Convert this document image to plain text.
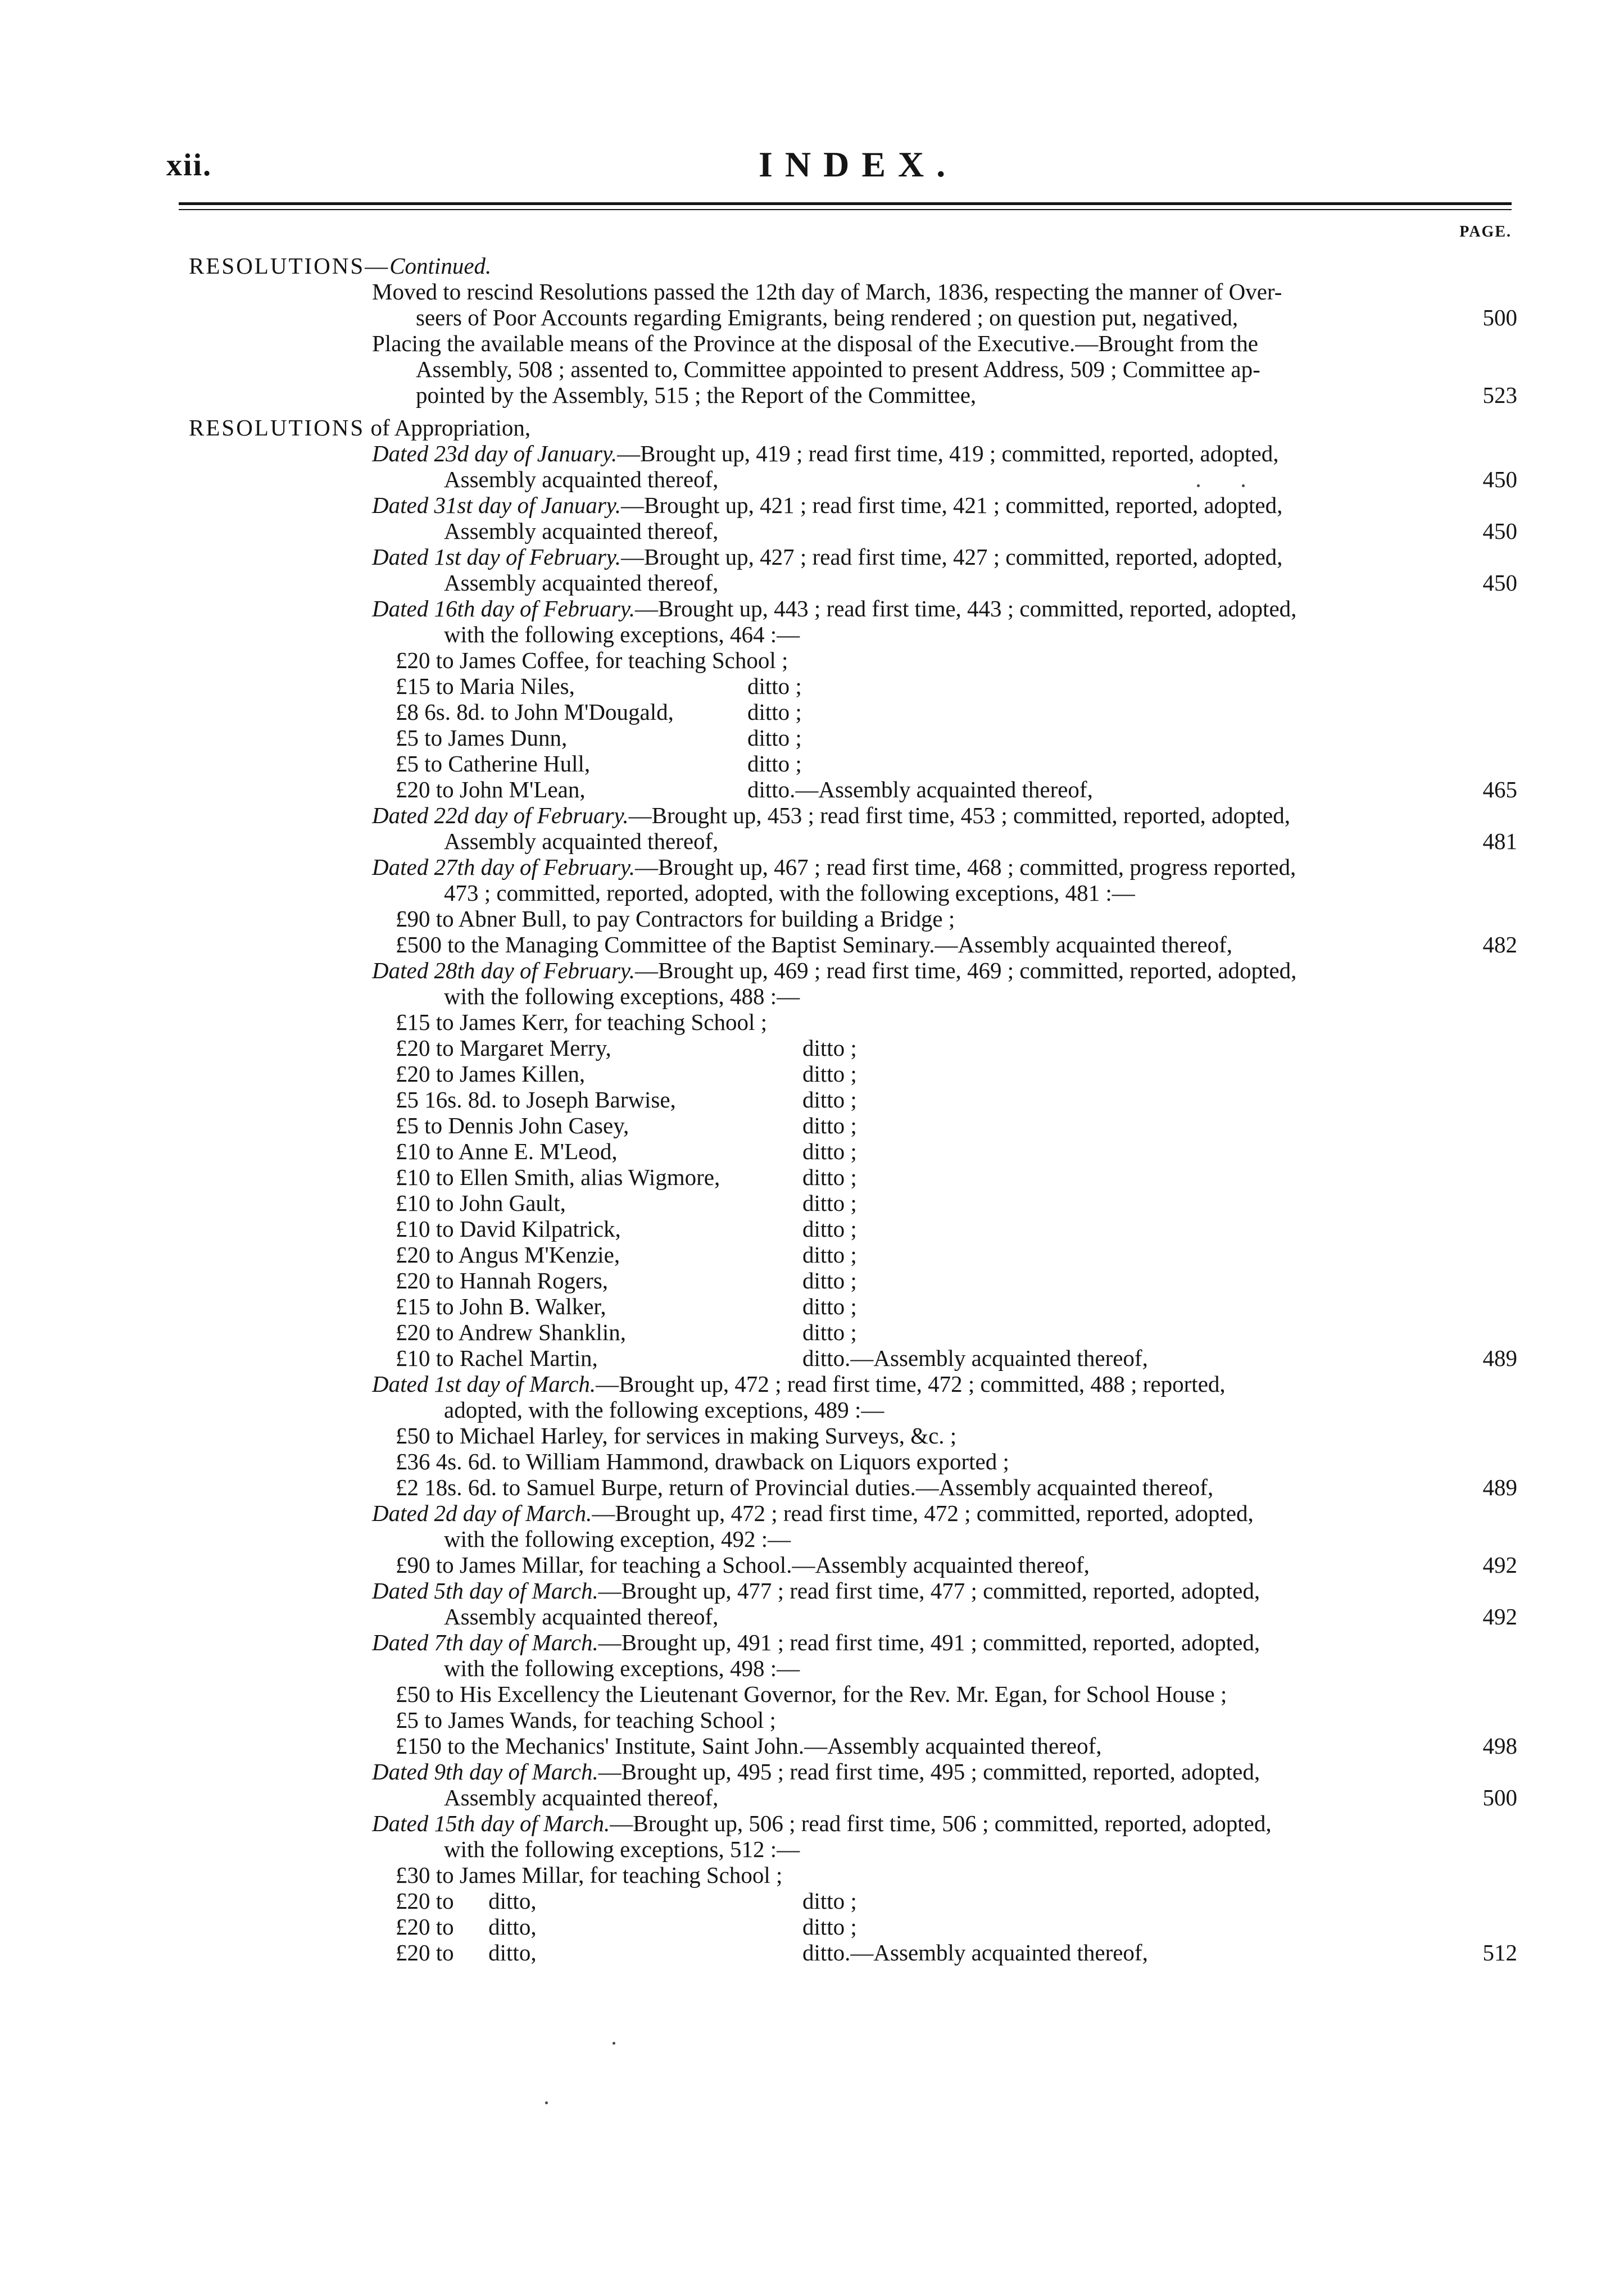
xii.	INDEX.
PAGE.
RESOLUTIONS—Continued.
Moved to rescind Resolutions passed the 12th day of March, 1836, respecting the manner of Over-
seers of Poor Accounts regarding Emigrants, being rendered ; on question put, negatived,	500
Placing the available means of the Province at the disposal of the Executive.—Brought from the
Assembly, 508 ; assented to, Committee appointed to present Address, 509 ; Committee ap-
pointed by the Assembly, 515 ; the Report of the Committee,	523
RESOLUTIONS of Appropriation,
Dated 23d day of January.—Brought up, 419 ; read first time, 419 ; committed, reported, adopted,
Assembly acquainted thereof,	450
Dated 31st day of January.—Brought up, 421 ; read first time, 421 ; committed, reported, adopted,
Assembly acquainted thereof,	450
Dated 1st day of February.—Brought up, 427 ; read first time, 427 ; committed, reported, adopted,
Assembly acquainted thereof,	450
Dated 16th day of February.—Brought up, 443 ; read first time, 443 ; committed, reported, adopted,
with the following exceptions, 464 :—
£20 to James Coffee, for teaching School ;
£15 to Maria Niles,	ditto ;
£8 6s. 8d. to John M'Dougald,	ditto ;
£5 to James Dunn,	ditto ;
£5 to Catherine Hull,	ditto ;
£20 to John M'Lean,	ditto.—Assembly acquainted thereof,	465
Dated 22d day of February.—Brought up, 453 ; read first time, 453 ; committed, reported, adopted,
Assembly acquainted thereof,	481
Dated 27th day of February.—Brought up, 467 ; read first time, 468 ; committed, progress reported,
473 ; committed, reported, adopted, with the following exceptions, 481 :—
£90 to Abner Bull, to pay Contractors for building a Bridge ;
£500 to the Managing Committee of the Baptist Seminary.—Assembly acquainted thereof,	482
Dated 28th day of February.—Brought up, 469 ; read first time, 469 ; committed, reported, adopted,
with the following exceptions, 488 :—
£15 to James Kerr, for teaching School ;
£20 to Margaret Merry,	ditto ;
£20 to James Killen,	ditto ;
£5 16s. 8d. to Joseph Barwise,	ditto ;
£5 to Dennis John Casey,	ditto ;
£10 to Anne E. M'Leod,	ditto ;
£10 to Ellen Smith, alias Wigmore,	ditto ;
£10 to John Gault,	ditto ;
£10 to David Kilpatrick,	ditto ;
£20 to Angus M'Kenzie,	ditto ;
£20 to Hannah Rogers,	ditto ;
£15 to John B. Walker,	ditto ;
£20 to Andrew Shanklin,	ditto ;
£10 to Rachel Martin,	ditto.—Assembly acquainted thereof,	489
Dated 1st day of March.—Brought up, 472 ; read first time, 472 ; committed, 488 ; reported,
adopted, with the following exceptions, 489 :—
£50 to Michael Harley, for services in making Surveys, &c. ;
£36 4s. 6d. to William Hammond, drawback on Liquors exported ;
£2 18s. 6d. to Samuel Burpe, return of Provincial duties.—Assembly acquainted thereof,	489
Dated 2d day of March.—Brought up, 472 ; read first time, 472 ; committed, reported, adopted,
with the following exception, 492 :—
£90 to James Millar, for teaching a School.—Assembly acquainted thereof,	492
Dated 5th day of March.—Brought up, 477 ; read first time, 477 ; committed, reported, adopted,
Assembly acquainted thereof,	492
Dated 7th day of March.—Brought up, 491 ; read first time, 491 ; committed, reported, adopted,
with the following exceptions, 498 :—
£50 to His Excellency the Lieutenant Governor, for the Rev. Mr. Egan, for School House ;
£5 to James Wands, for teaching School ;
£150 to the Mechanics' Institute, Saint John.—Assembly acquainted thereof,	498
Dated 9th day of March.—Brought up, 495 ; read first time, 495 ; committed, reported, adopted,
Assembly acquainted thereof,	500
Dated 15th day of March.—Brought up, 506 ; read first time, 506 ; committed, reported, adopted,
with the following exceptions, 512 :—
£30 to James Millar, for teaching School ;
£20 to      ditto,	ditto ;
£20 to      ditto,	ditto ;
£20 to      ditto,	ditto.—Assembly acquainted thereof,	512
